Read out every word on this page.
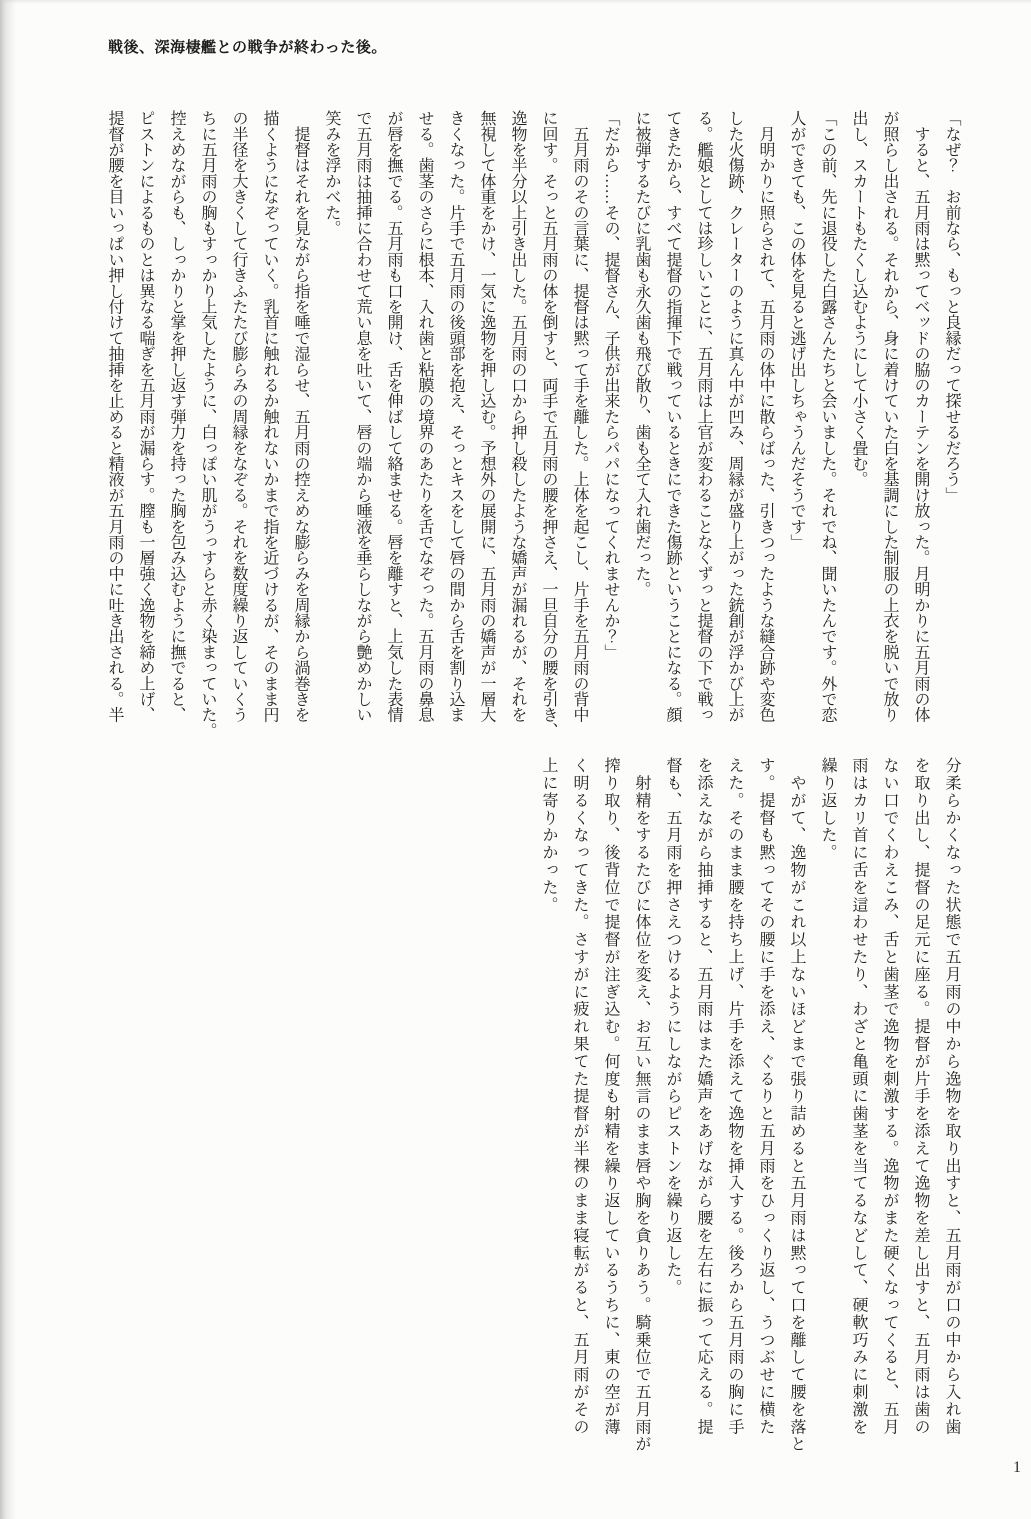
戦後、深海棲艦との戦争が終わった後。
「なぜ？　お前なら、もっと良縁だって探せるだろう」
　すると、五月雨は黙ってベッドの脇のカーテンを開け放った。月明かりに五月雨の体
が照らし出される。それから、身に着けていた白を基調にした制服の上衣を脱いで放り
出し、スカートもたくし込むようにして小さく畳む。
「この前、先に退役した白露さんたちと会いました。それでね、聞いたんです。外で恋
人ができても、この体を見ると逃げ出しちゃうんだそうです」
　月明かりに照らされて、五月雨の体中に散らばった、引きつったような縫合跡や変色
した火傷跡、クレーターのように真ん中が凹み、周縁が盛り上がった銃創が浮かび上が
る。艦娘としては珍しいことに、五月雨は上官が変わることなくずっと提督の下で戦っ
てきたから、すべて提督の指揮下で戦っているときにできた傷跡ということになる。顔
に被弾するたびに乳歯も永久歯も飛び散り、歯も全て入れ歯だった。
「だから……その、提督さん、子供が出来たらパパになってくれませんか？」
　五月雨のその言葉に、提督は黙って手を離した。上体を起こし、片手を五月雨の背中
に回す。そっと五月雨の体を倒すと、両手で五月雨の腰を押さえ、一旦自分の腰を引き、
逸物を半分以上引き出した。五月雨の口から押し殺したような嬌声が漏れるが、それを
無視して体重をかけ、一気に逸物を押し込む。予想外の展開に、五月雨の嬌声が一層大
きくなった。片手で五月雨の後頭部を抱え、そっとキスをして唇の間から舌を割り込ま
せる。歯茎のさらに根本、入れ歯と粘膜の境界のあたりを舌でなぞった。五月雨の鼻息
が唇を撫でる。五月雨も口を開け、舌を伸ばして絡ませる。唇を離すと、上気した表情
で五月雨は抽挿に合わせて荒い息を吐いて、唇の端から唾液を垂らしながら艶めかしい
笑みを浮かべた。
　提督はそれを見ながら指を唾で湿らせ、五月雨の控えめな膨らみを周縁から渦巻きを
描くようになぞっていく。乳首に触れるか触れないかまで指を近づけるが、そのまま円
の半径を大きくして行きふたたび膨らみの周縁をなぞる。それを数度繰り返していくう
ちに五月雨の胸もすっかり上気したように、白っぽい肌がうっすらと赤く染まっていた。
控えめながらも、しっかりと掌を押し返す弾力を持った胸を包み込むように撫でると、
ピストンによるものとは異なる喘ぎを五月雨が漏らす。膣も一層強く逸物を締め上げ、
提督が腰を目いっぱい押し付けて抽挿を止めると精液が五月雨の中に吐き出される。半
分柔らかくなった状態で五月雨の中から逸物を取り出すと、五月雨が口の中から入れ歯
を取り出し、提督の足元に座る。提督が片手を添えて逸物を差し出すと、五月雨は歯の
ない口でくわえこみ、舌と歯茎で逸物を刺激する。逸物がまた硬くなってくると、五月
雨はカリ首に舌を這わせたり、わざと亀頭に歯茎を当てるなどして、硬軟巧みに刺激を
繰り返した。
　やがて、逸物がこれ以上ないほどまで張り詰めると五月雨は黙って口を離して腰を落と
す。提督も黙ってその腰に手を添え、ぐるりと五月雨をひっくり返し、うつぶせに横た
えた。そのまま腰を持ち上げ、片手を添えて逸物を挿入する。後ろから五月雨の胸に手
を添えながら抽挿すると、五月雨はまた嬌声をあげながら腰を左右に振って応える。提
督も、五月雨を押さえつけるようにしながらピストンを繰り返した。
　射精をするたびに体位を変え、お互い無言のまま唇や胸を貪りあう。騎乗位で五月雨が
搾り取り、後背位で提督が注ぎ込む。何度も射精を繰り返しているうちに、東の空が薄
く明るくなってきた。さすがに疲れ果てた提督が半裸のまま寝転がると、五月雨がその
上に寄りかかった。
1
